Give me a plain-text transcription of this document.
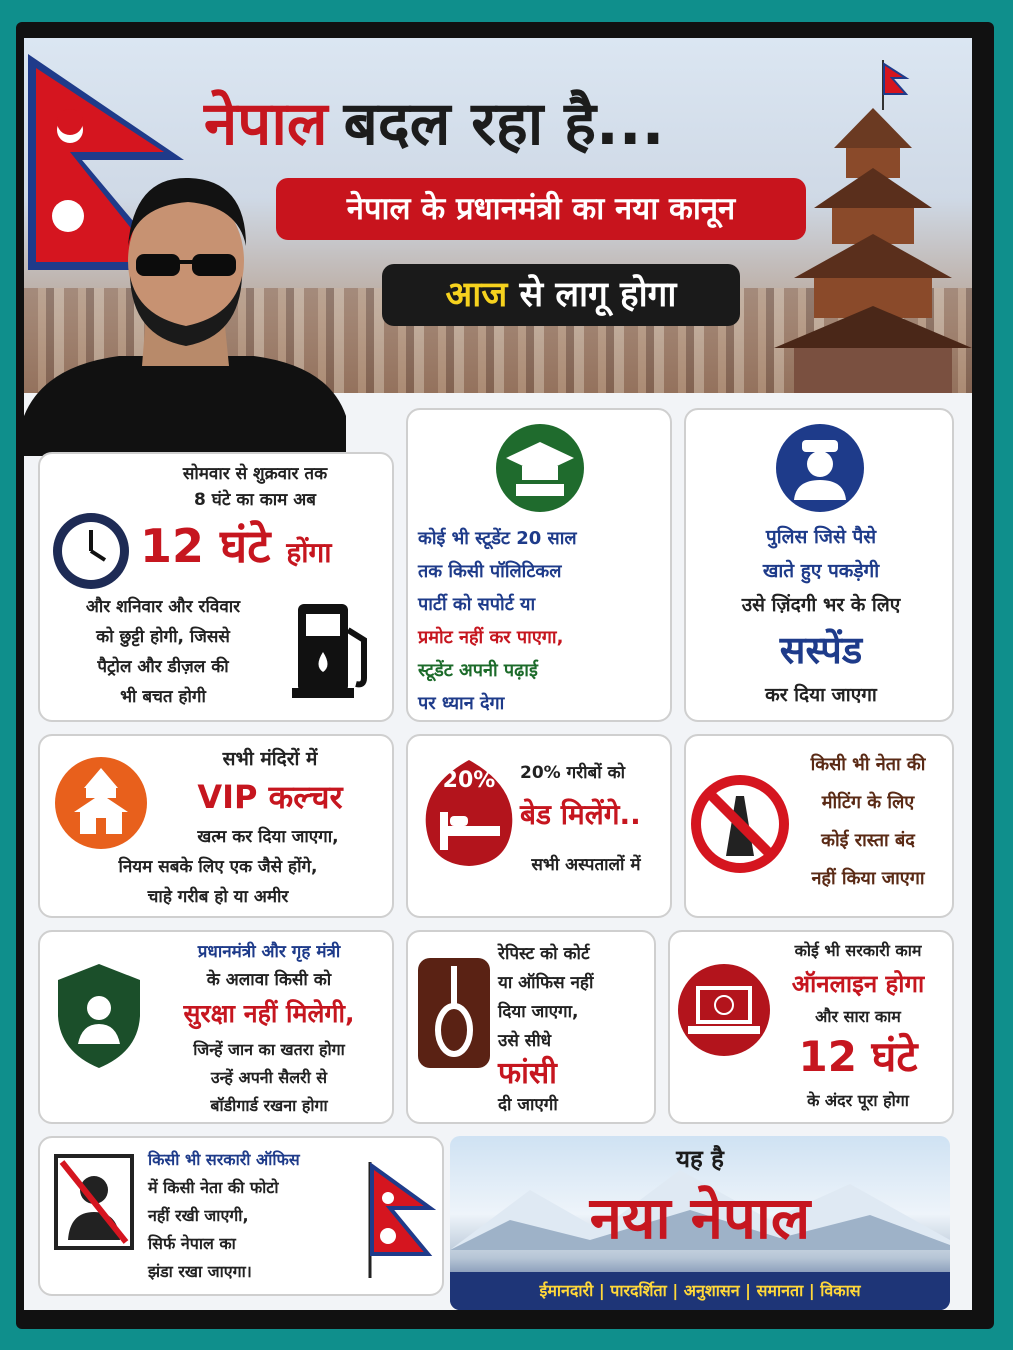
नेपाल बदल रहा है...
नेपाल के प्रधानमंत्री का नया कानून
आज से लागू होगा
सोमवार से शुक्रवार तक
8 घंटे का काम अब
12 घंटे होंगा
और शनिवार और रविवार
को छुट्टी होगी, जिससे
पैट्रोल और डीज़ल की
भी बचत होगी
कोई भी स्टूडेंट 20 साल
तक किसी पॉलिटिकल
पार्टी को सपोर्ट या
प्रमोट नहीं कर पाएगा,
स्टूडेंट अपनी पढ़ाई
पर ध्यान देगा
पुलिस जिसे पैसे
खाते हुए पकड़ेगी
उसे ज़िंदगी भर के लिए
सस्पेंड
कर दिया जाएगा
सभी मंदिरों में
VIP कल्चर
खत्म कर दिया जाएगा,
नियम सबके लिए एक जैसे होंगे,
चाहे गरीब हो या अमीर
20%	20% गरीबों को
बेड मिलेंगे..
सभी अस्पतालों में
किसी भी नेता की
मीटिंग के लिए
कोई रास्ता बंद
नहीं किया जाएगा
प्रधानमंत्री और गृह मंत्री
के अलावा किसी को
सुरक्षा नहीं मिलेगी,
जिन्हें जान का खतरा होगा
उन्हें अपनी सैलरी से
बॉडीगार्ड रखना होगा
रेपिस्ट को कोर्ट
या ऑफिस नहीं
दिया जाएगा,
उसे सीधे
फांसी
दी जाएगी
कोई भी सरकारी काम
ऑनलाइन होगा
और सारा काम
12 घंटे
के अंदर पूरा होगा
किसी भी सरकारी ऑफिस
में किसी नेता की फोटो
नहीं रखी जाएगी,
सिर्फ नेपाल का
झंडा रखा जाएगा।
यह है
नया नेपाल
ईमानदारी | पारदर्शिता | अनुशासन | समानता | विकास
